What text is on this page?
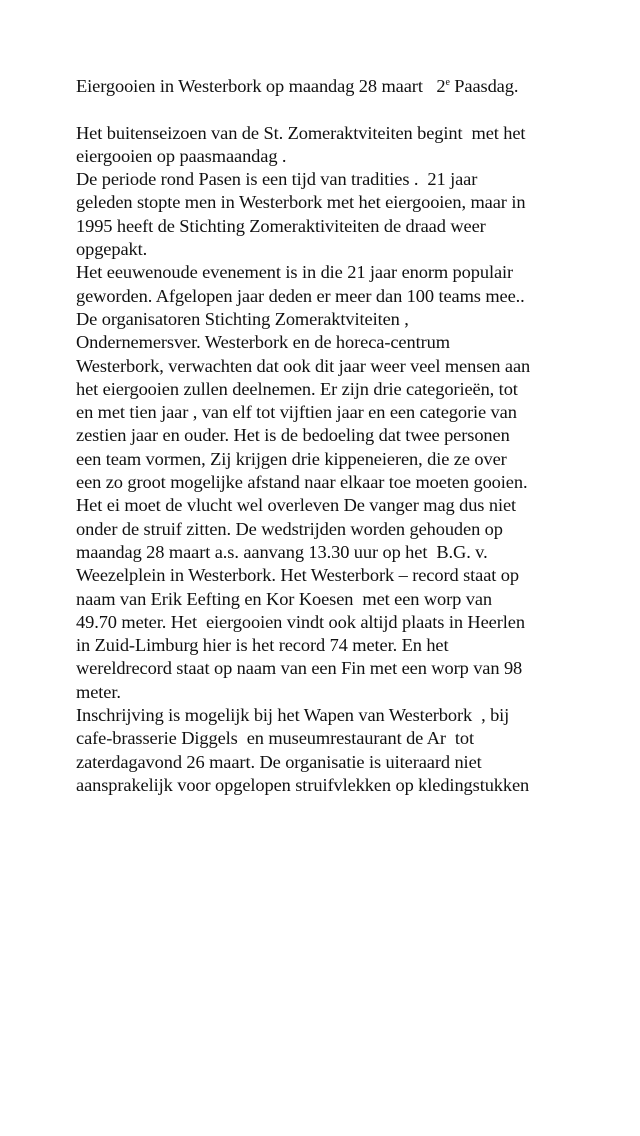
Eiergooien in Westerbork op maandag 28 maart   2e Paasdag.
Het buitenseizoen van de St. Zomeraktviteiten begint  met het
eiergooien op paasmaandag .
De periode rond Pasen is een tijd van tradities .  21 jaar
geleden stopte men in Westerbork met het eiergooien, maar in
1995 heeft de Stichting Zomeraktiviteiten de draad weer
opgepakt.
Het eeuwenoude evenement is in die 21 jaar enorm populair
geworden. Afgelopen jaar deden er meer dan 100 teams mee..
De organisatoren Stichting Zomeraktviteiten ,
Ondernemersver. Westerbork en de horeca-centrum
Westerbork, verwachten dat ook dit jaar weer veel mensen aan
het eiergooien zullen deelnemen. Er zijn drie categorieën, tot
en met tien jaar , van elf tot vijftien jaar en een categorie van
zestien jaar en ouder. Het is de bedoeling dat twee personen
een team vormen, Zij krijgen drie kippeneieren, die ze over
een zo groot mogelijke afstand naar elkaar toe moeten gooien.
Het ei moet de vlucht wel overleven De vanger mag dus niet
onder de struif zitten. De wedstrijden worden gehouden op
maandag 28 maart a.s. aanvang 13.30 uur op het  B.G. v.
Weezelplein in Westerbork. Het Westerbork – record staat op
naam van Erik Eefting en Kor Koesen  met een worp van
49.70 meter. Het  eiergooien vindt ook altijd plaats in Heerlen
in Zuid-Limburg hier is het record 74 meter. En het
wereldrecord staat op naam van een Fin met een worp van 98
meter.
Inschrijving is mogelijk bij het Wapen van Westerbork  , bij
cafe-brasserie Diggels  en museumrestaurant de Ar  tot
zaterdagavond 26 maart. De organisatie is uiteraard niet
aansprakelijk voor opgelopen struifvlekken op kledingstukken
